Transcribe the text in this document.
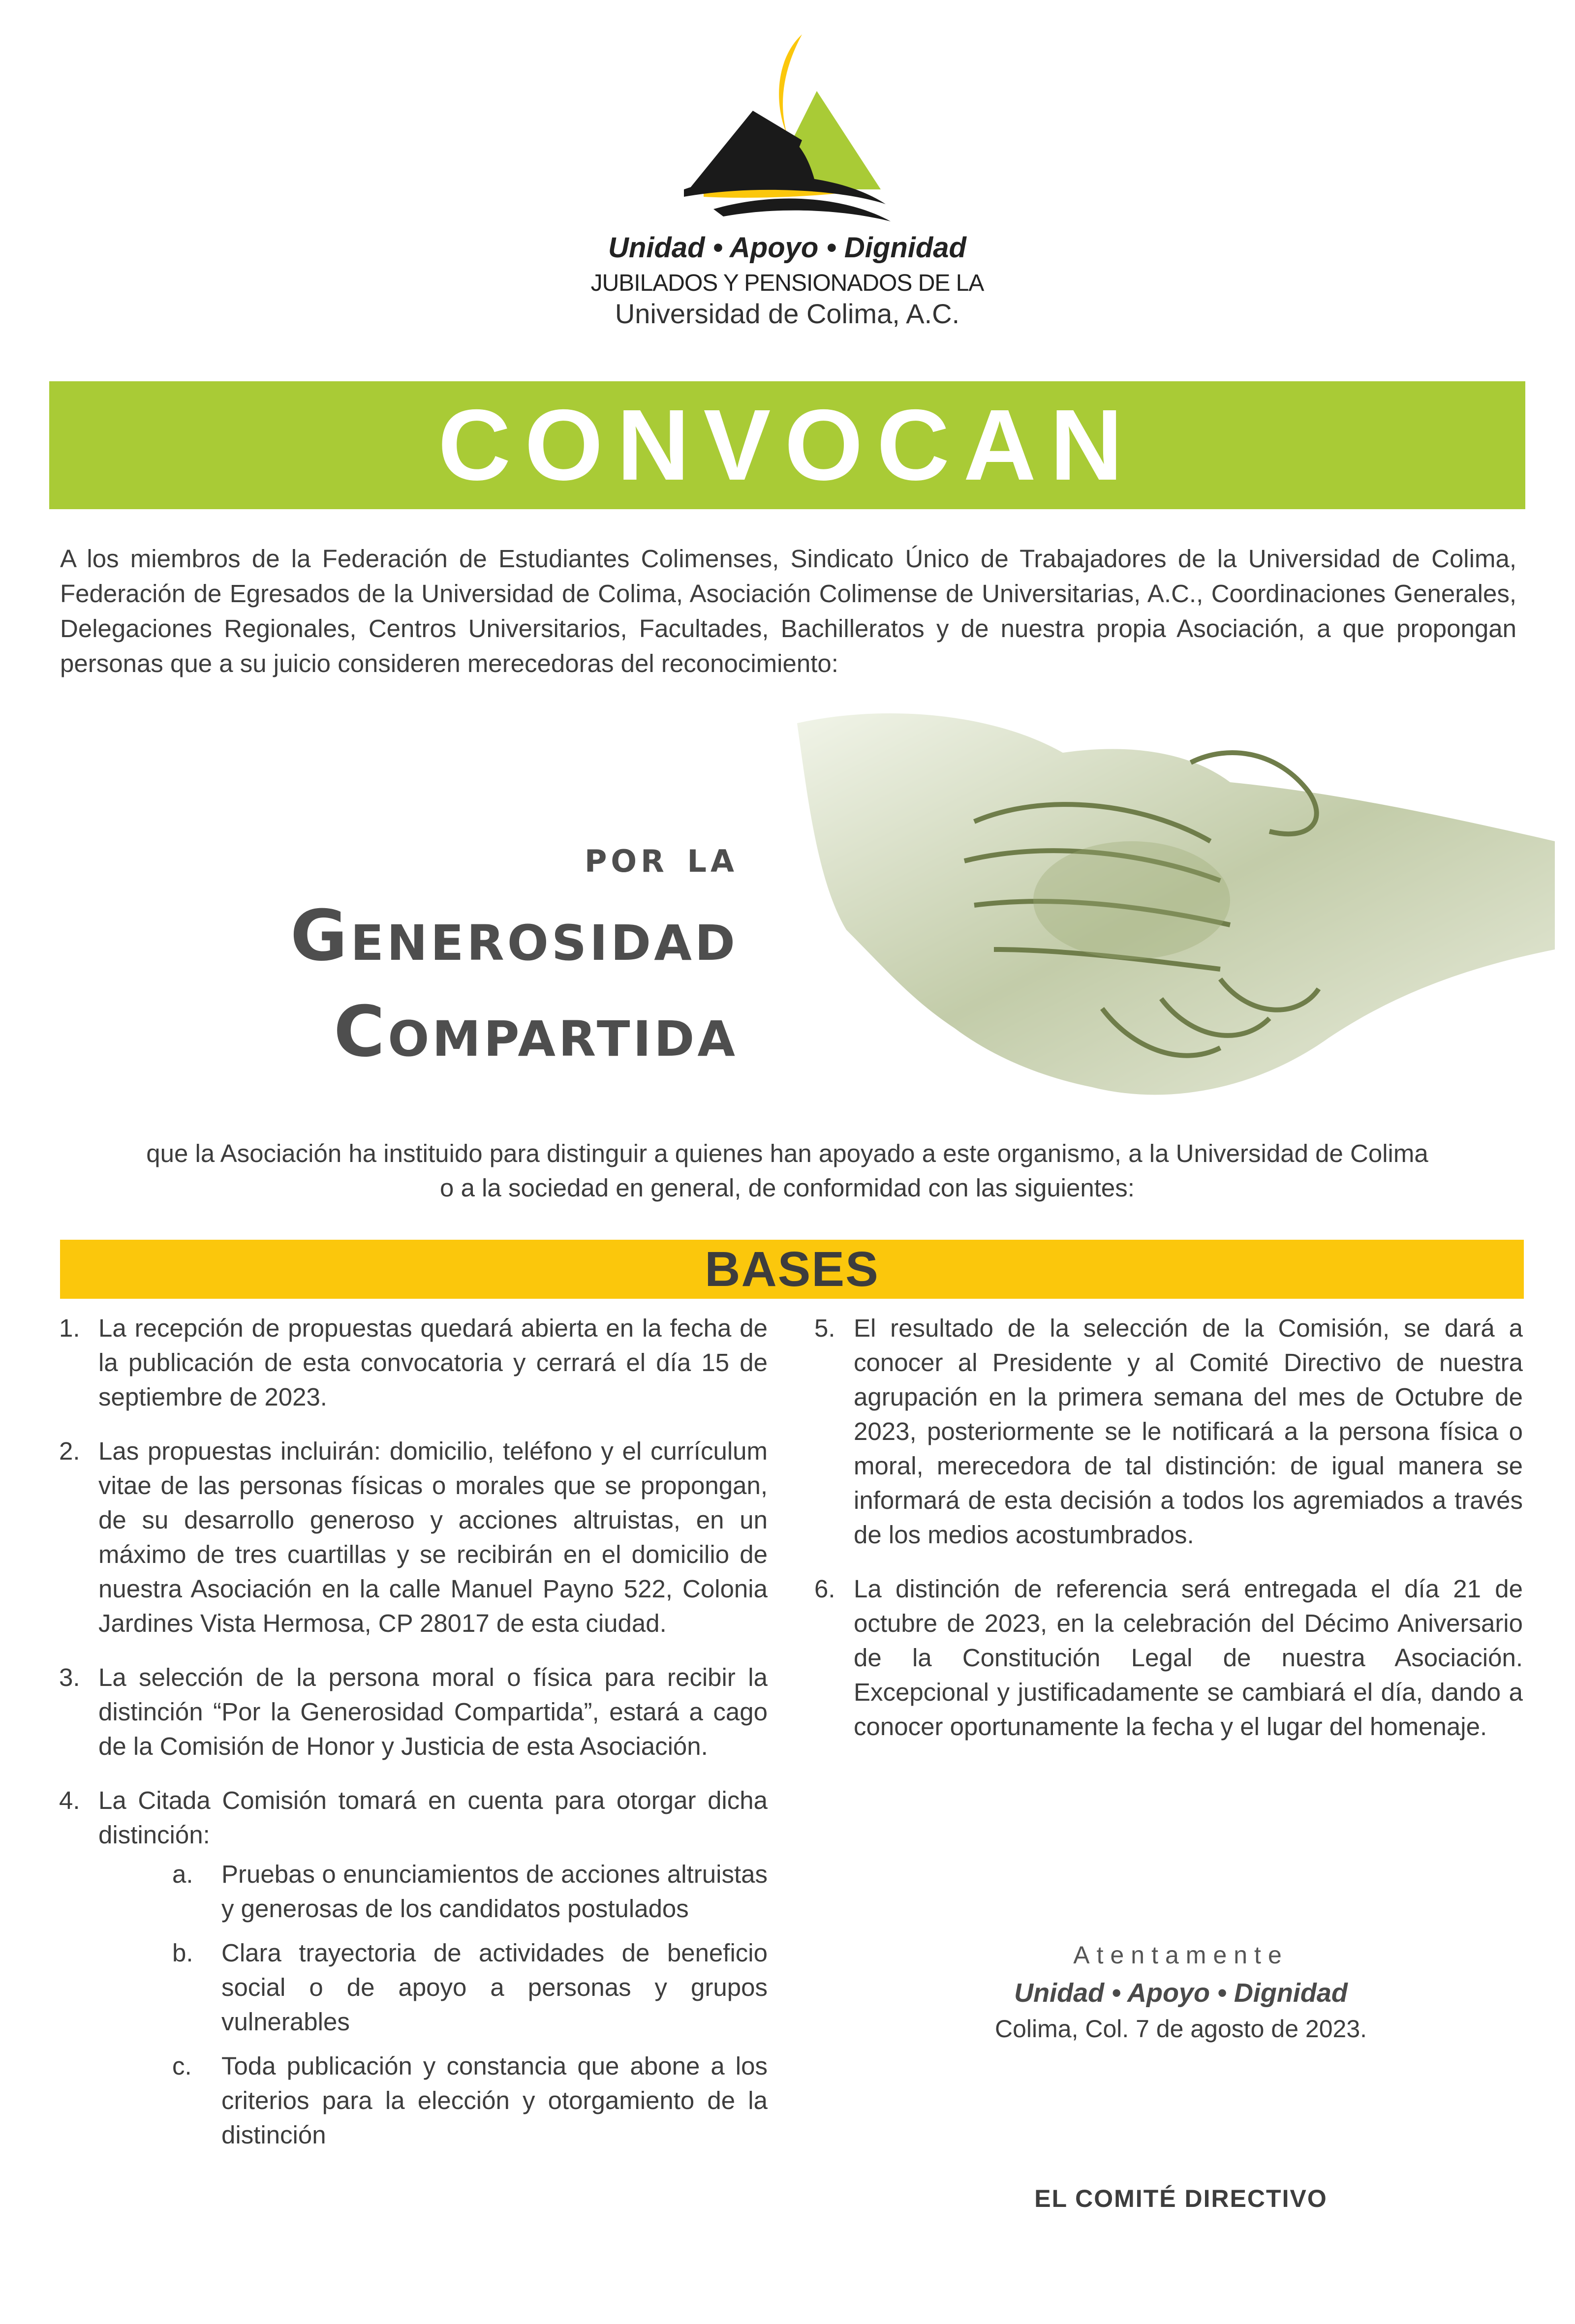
Unidad • Apoyo • Dignidad
JUBILADOS Y PENSIONADOS DE LA
Universidad de Colima, A.C.
CONVOCAN
A los miembros de la Federación de Estudiantes Colimenses, Sindicato Único de Trabajadores de la Universidad de Colima, Federación de Egresados de la Universidad de Colima, Asociación Colimense de Universitarias, A.C., Coordinaciones Generales, Delegaciones Regionales, Centros Universitarios, Facultades, Bachilleratos y de nuestra propia Asociación, a que propongan personas que a su juicio consideren merecedoras del reconocimiento:
por la
Generosidad
Compartida
que la Asociación ha instituido para distinguir a quienes han apoyado a este organismo, a la Universidad de Colima
o a la sociedad en general, de conformidad con las siguientes:
BASES
1. La recepción de propuestas quedará abierta en la fecha de la publicación de esta convocatoria y cerrará el día 15 de septiembre de 2023.
2. Las propuestas incluirán: domicilio, teléfono y el currículum vitae de las personas físicas o morales que se propongan, de su desarrollo generoso y acciones altruistas, en un máximo de tres cuartillas y se recibirán en el domicilio de nuestra Asociación en la calle Manuel Payno 522, Colonia Jardines Vista Hermosa, CP 28017 de esta ciudad.
3. La selección de la persona moral o física para recibir la distinción “Por la Generosidad Compartida”, estará a cago de la Comisión de Honor y Justicia de esta Asociación.
4. La Citada Comisión tomará en cuenta para otorgar dicha distinción:
a.	Pruebas o enunciamientos de acciones altruistas y generosas de los candidatos postulados
b.	Clara trayectoria de actividades de beneficio social o de apoyo a personas y grupos vulnerables
c.	Toda publicación y constancia que abone a los criterios para la elección y otorgamiento de la distinción
5. El resultado de la selección de la Comisión, se dará a conocer al Presidente y al Comité Directivo de nuestra agrupación en la primera semana del mes de Octubre de 2023, posteriormente se le notificará a la persona física o moral, merecedora de tal distinción: de igual manera se informará de esta decisión a todos los agremiados a través de los medios acostumbrados.
6. La distinción de referencia será entregada el día 21 de octubre de 2023, en la celebración del Décimo Aniversario de la Constitución Legal de nuestra Asociación. Excepcional y justificadamente se cambiará el día, dando a conocer oportunamente la fecha y el lugar del homenaje.
Atentamente
Unidad • Apoyo • Dignidad
Colima, Col. 7 de agosto de 2023.
EL COMITÉ DIRECTIVO
